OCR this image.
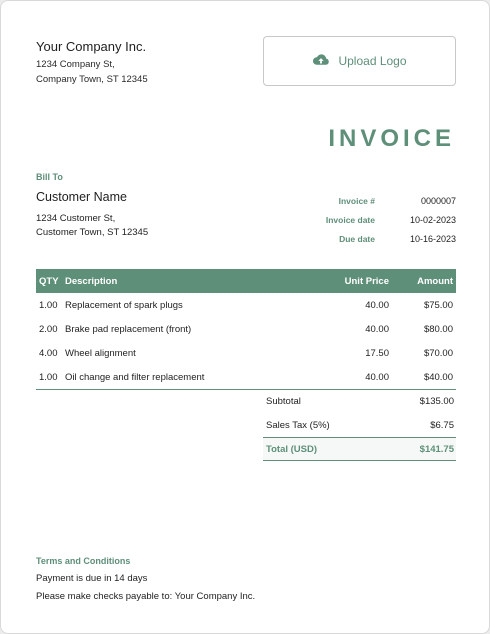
Your Company Inc.
1234 Company St,
Company Town, ST 12345
Upload Logo
INVOICE
Bill To
Customer Name
1234 Customer St,
Customer Town, ST 12345
Invoice #	0000007
Invoice date	10-02-2023
Due date	10-16-2023
QTY Description	Unit Price	Amount
1.00 Replacement of spark plugs	40.00	$75.00
2.00 Brake pad replacement (front)	40.00	$80.00
4.00 Wheel alignment	17.50	$70.00
1.00 Oil change and filter replacement	40.00	$40.00
Subtotal	$135.00
Sales Tax (5%)	$6.75
Total (USD)	$141.75
Terms and Conditions
Payment is due in 14 days
Please make checks payable to: Your Company Inc.
